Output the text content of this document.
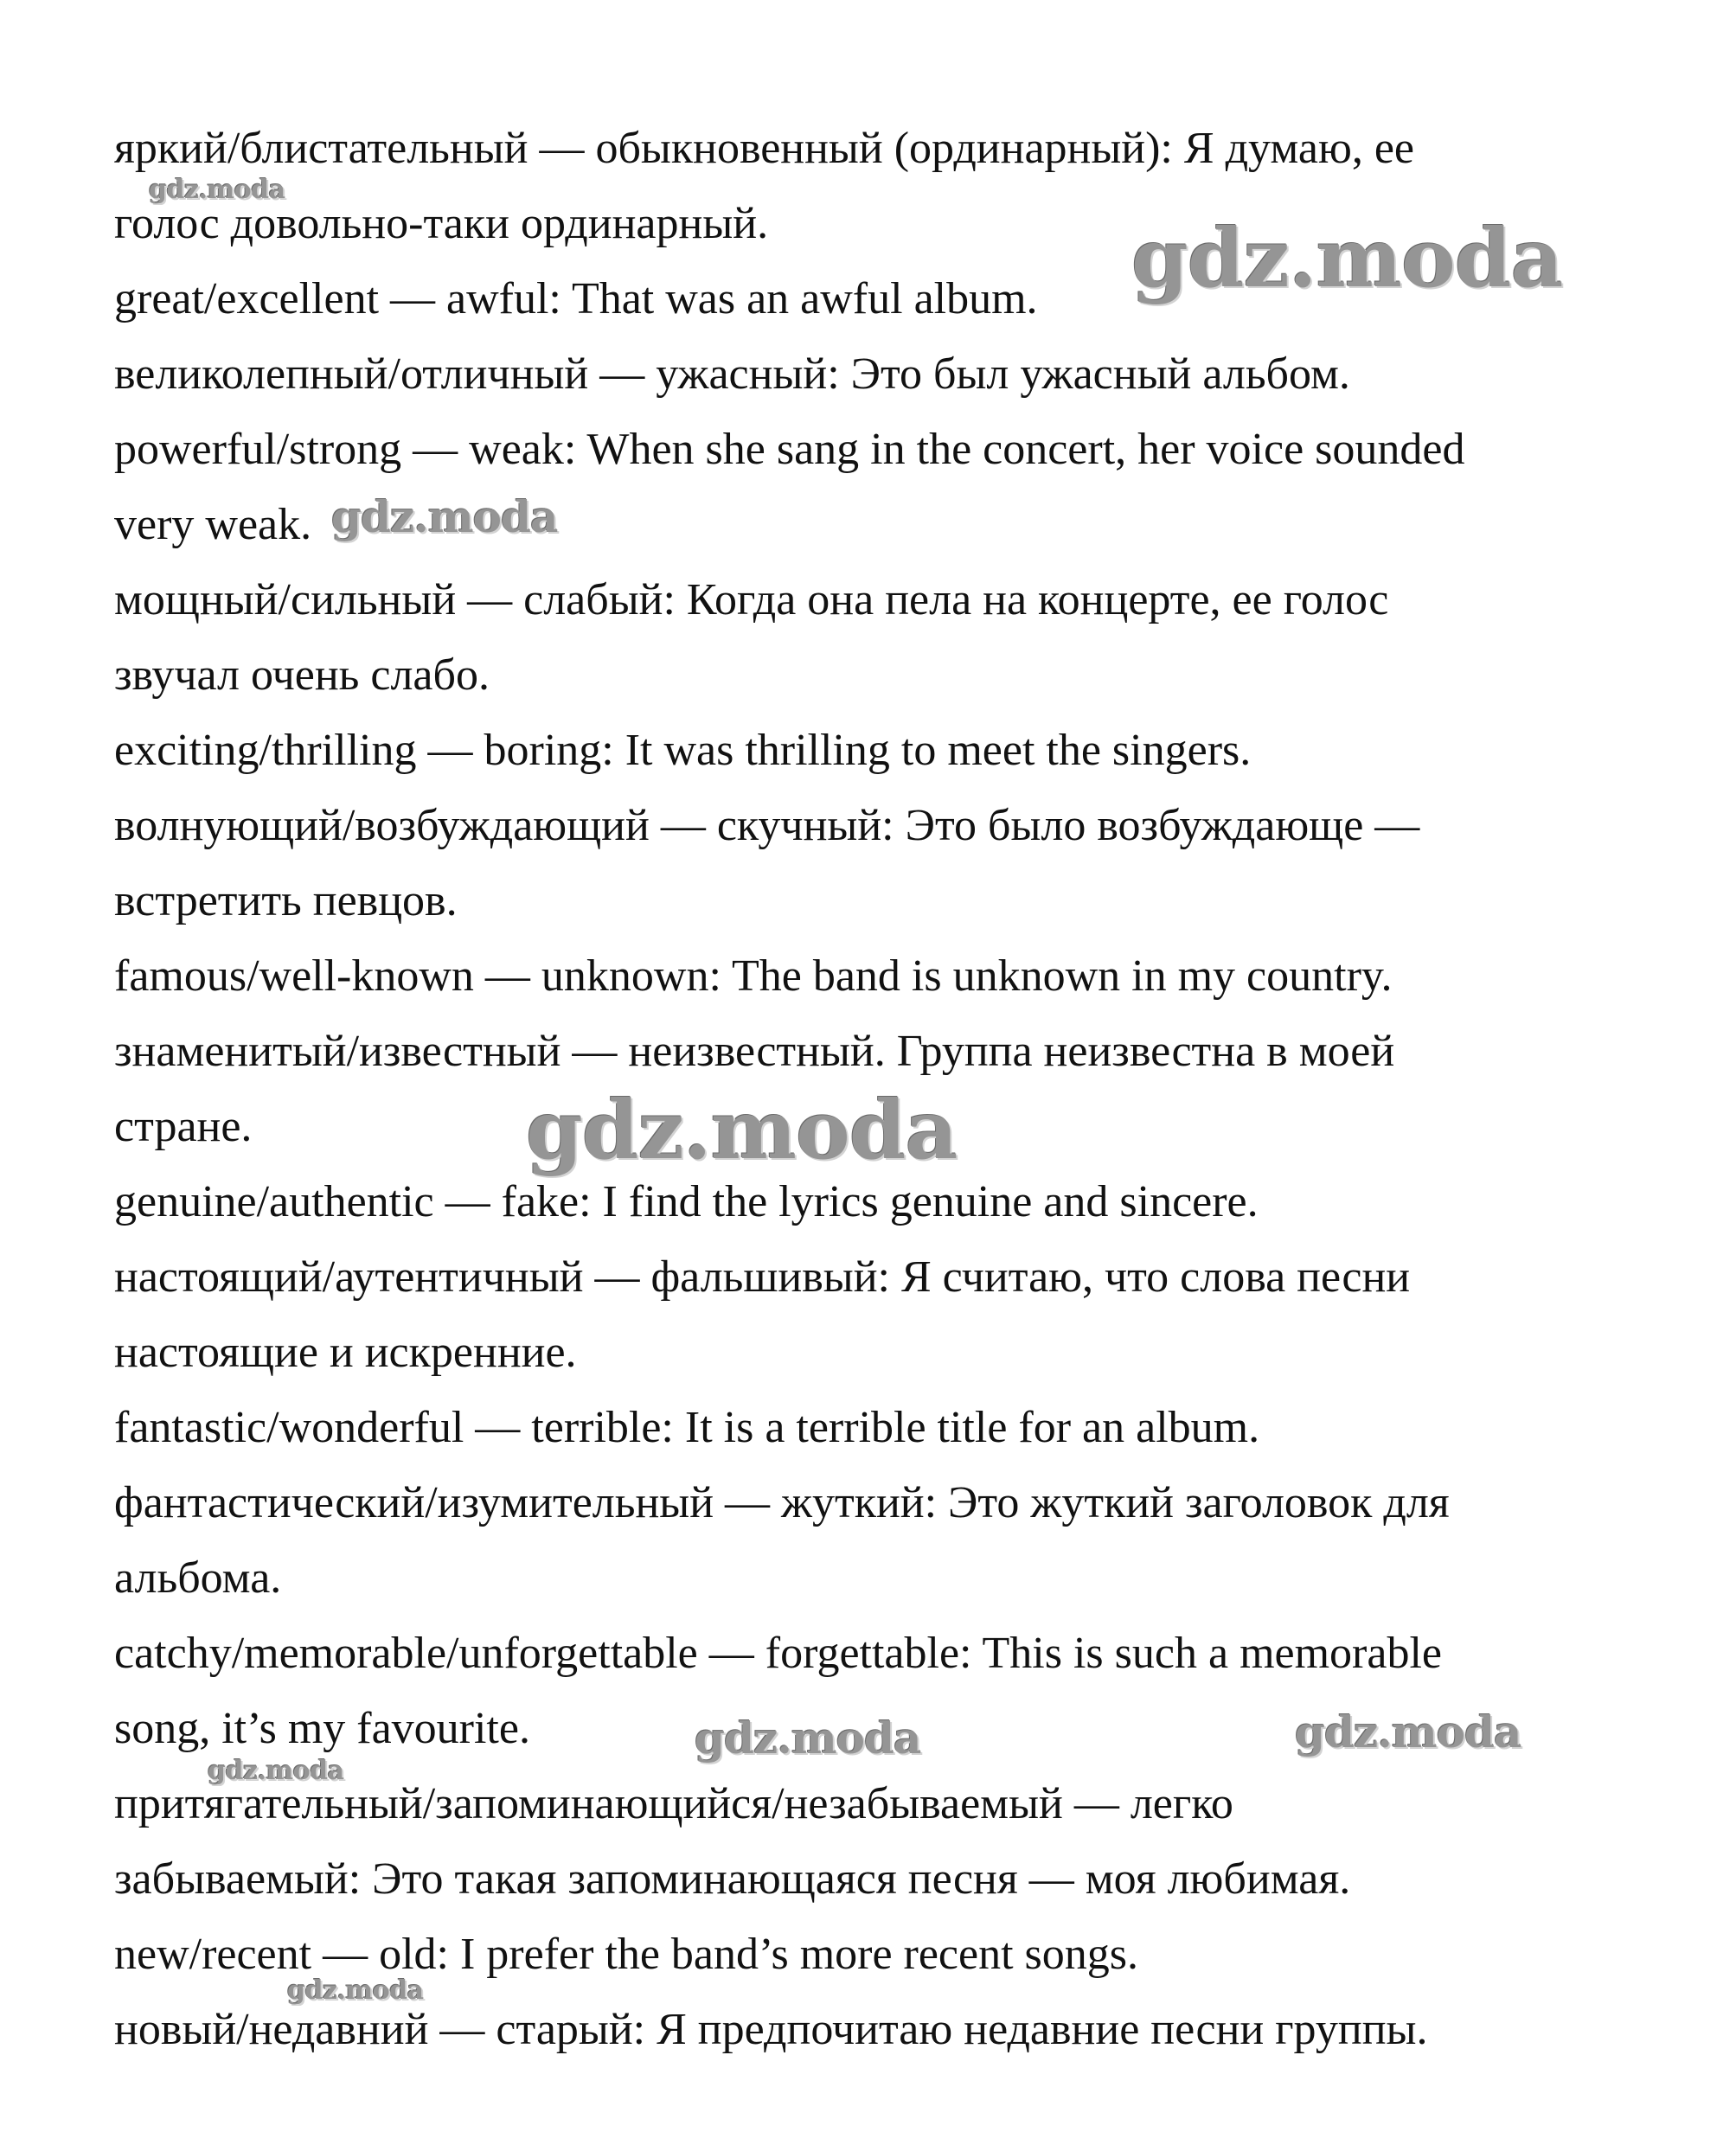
яркий/блистательный — обыкновенный (ординарный): Я думаю, ее
голос довольно-таки ординарный.
great/excellent — awful: That was an awful album.
великолепный/отличный — ужасный: Это был ужасный альбом.
powerful/strong — weak: When she sang in the concert, her voice sounded
very weak.
мощный/сильный — слабый: Когда она пела на концерте, ее голос
звучал очень слабо.
exciting/thrilling — boring: It was thrilling to meet the singers.
волнующий/возбуждающий — скучный: Это было возбуждающе —
встретить певцов.
famous/well-known — unknown: The band is unknown in my country.
знаменитый/известный — неизвестный. Группа неизвестна в моей
стране.
genuine/authentic — fake: I find the lyrics genuine and sincere.
настоящий/аутентичный — фальшивый: Я считаю, что слова песни
настоящие и искренние.
fantastic/wonderful — terrible: It is a terrible title for an album.
фантастический/изумительный — жуткий: Это жуткий заголовок для
альбома.
catchy/memorable/unforgettable — forgettable: This is such a memorable
song, it’s my favourite.
притягательный/запоминающийся/незабываемый — легко
забываемый: Это такая запоминающаяся песня — моя любимая.
new/recent — old: I prefer the band’s more recent songs.
новый/недавний — старый: Я предпочитаю недавние песни группы.
gdz.moda
gdz.moda
gdz.moda
gdz.moda
gdz.moda	gdz.moda
gdz.moda
gdz.moda
